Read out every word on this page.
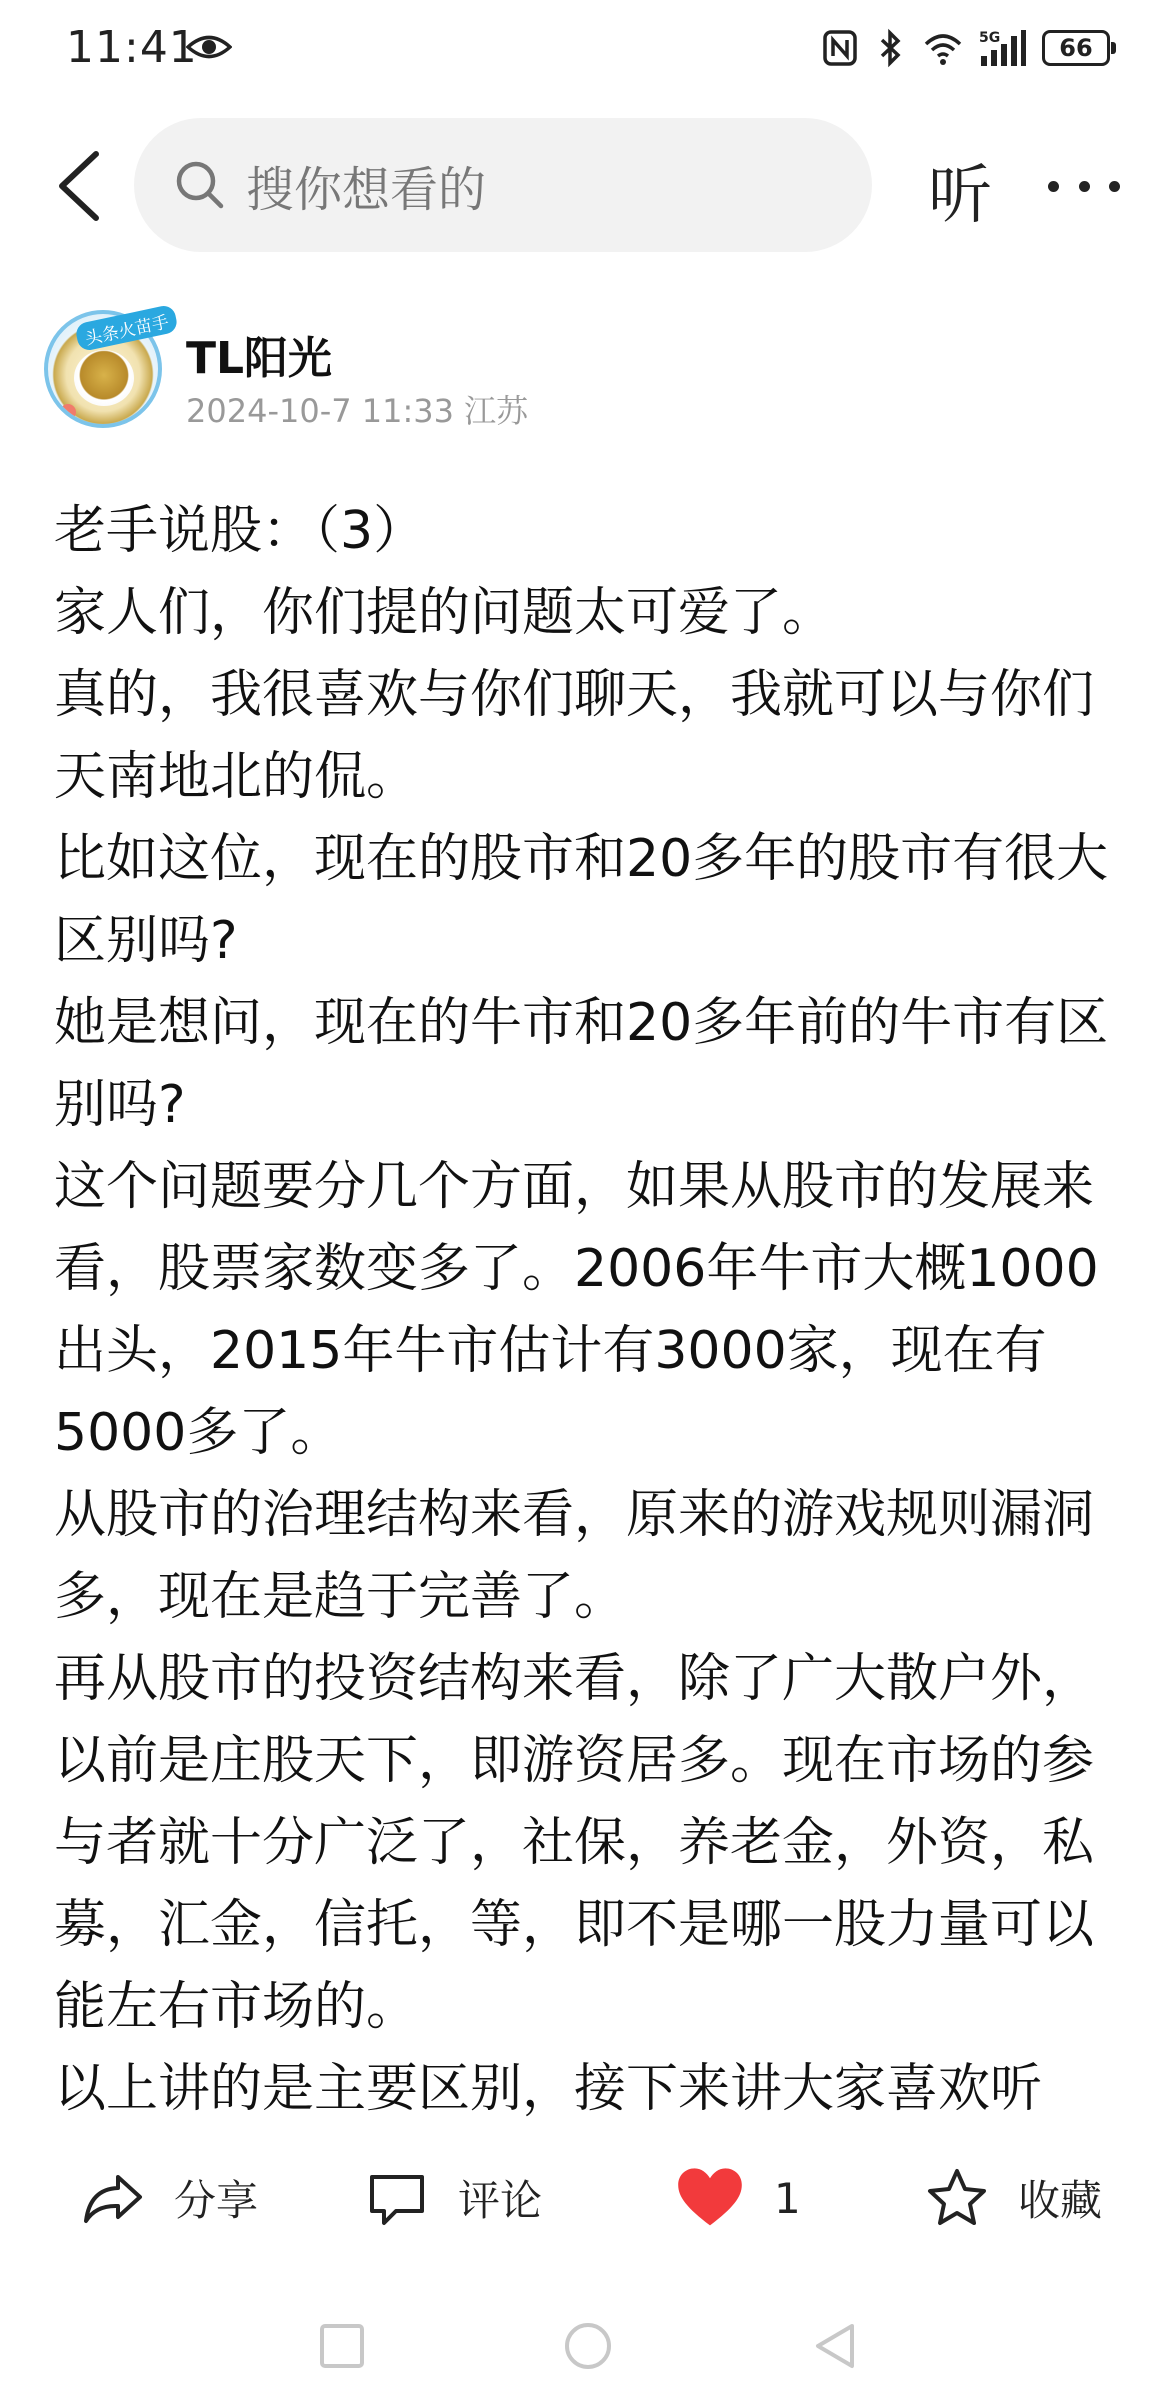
11:41	5G 66
搜你想看的	听
头条火苗手
TL阳光
2024-10-7 11:33 江苏

老手说股：（3）

家人们，你们提的问题太可爱了。

真的，我很喜欢与你们聊天，我就可以与你们天南地北的侃。

比如这位，现在的股市和20多年的股市有很大区别吗?

她是想问，现在的牛市和20多年前的牛市有区别吗?

这个问题要分几个方面，如果从股市的发展来看，股票家数变多了。2006年牛市大概1000出头，2015年牛市估计有3000家，现在有5000多了。

从股市的治理结构来看，原来的游戏规则漏洞多，现在是趋于完善了。

再从股市的投资结构来看，除了广大散户外，以前是庄股天下，即游资居多。现在市场的参与者就十分广泛了，社保，养老金，外资，私募，汇金，信托，等，即不是哪一股力量可以能左右市场的。

以上讲的是主要区别，接下来讲大家喜欢听

分享	评论	1	收藏
